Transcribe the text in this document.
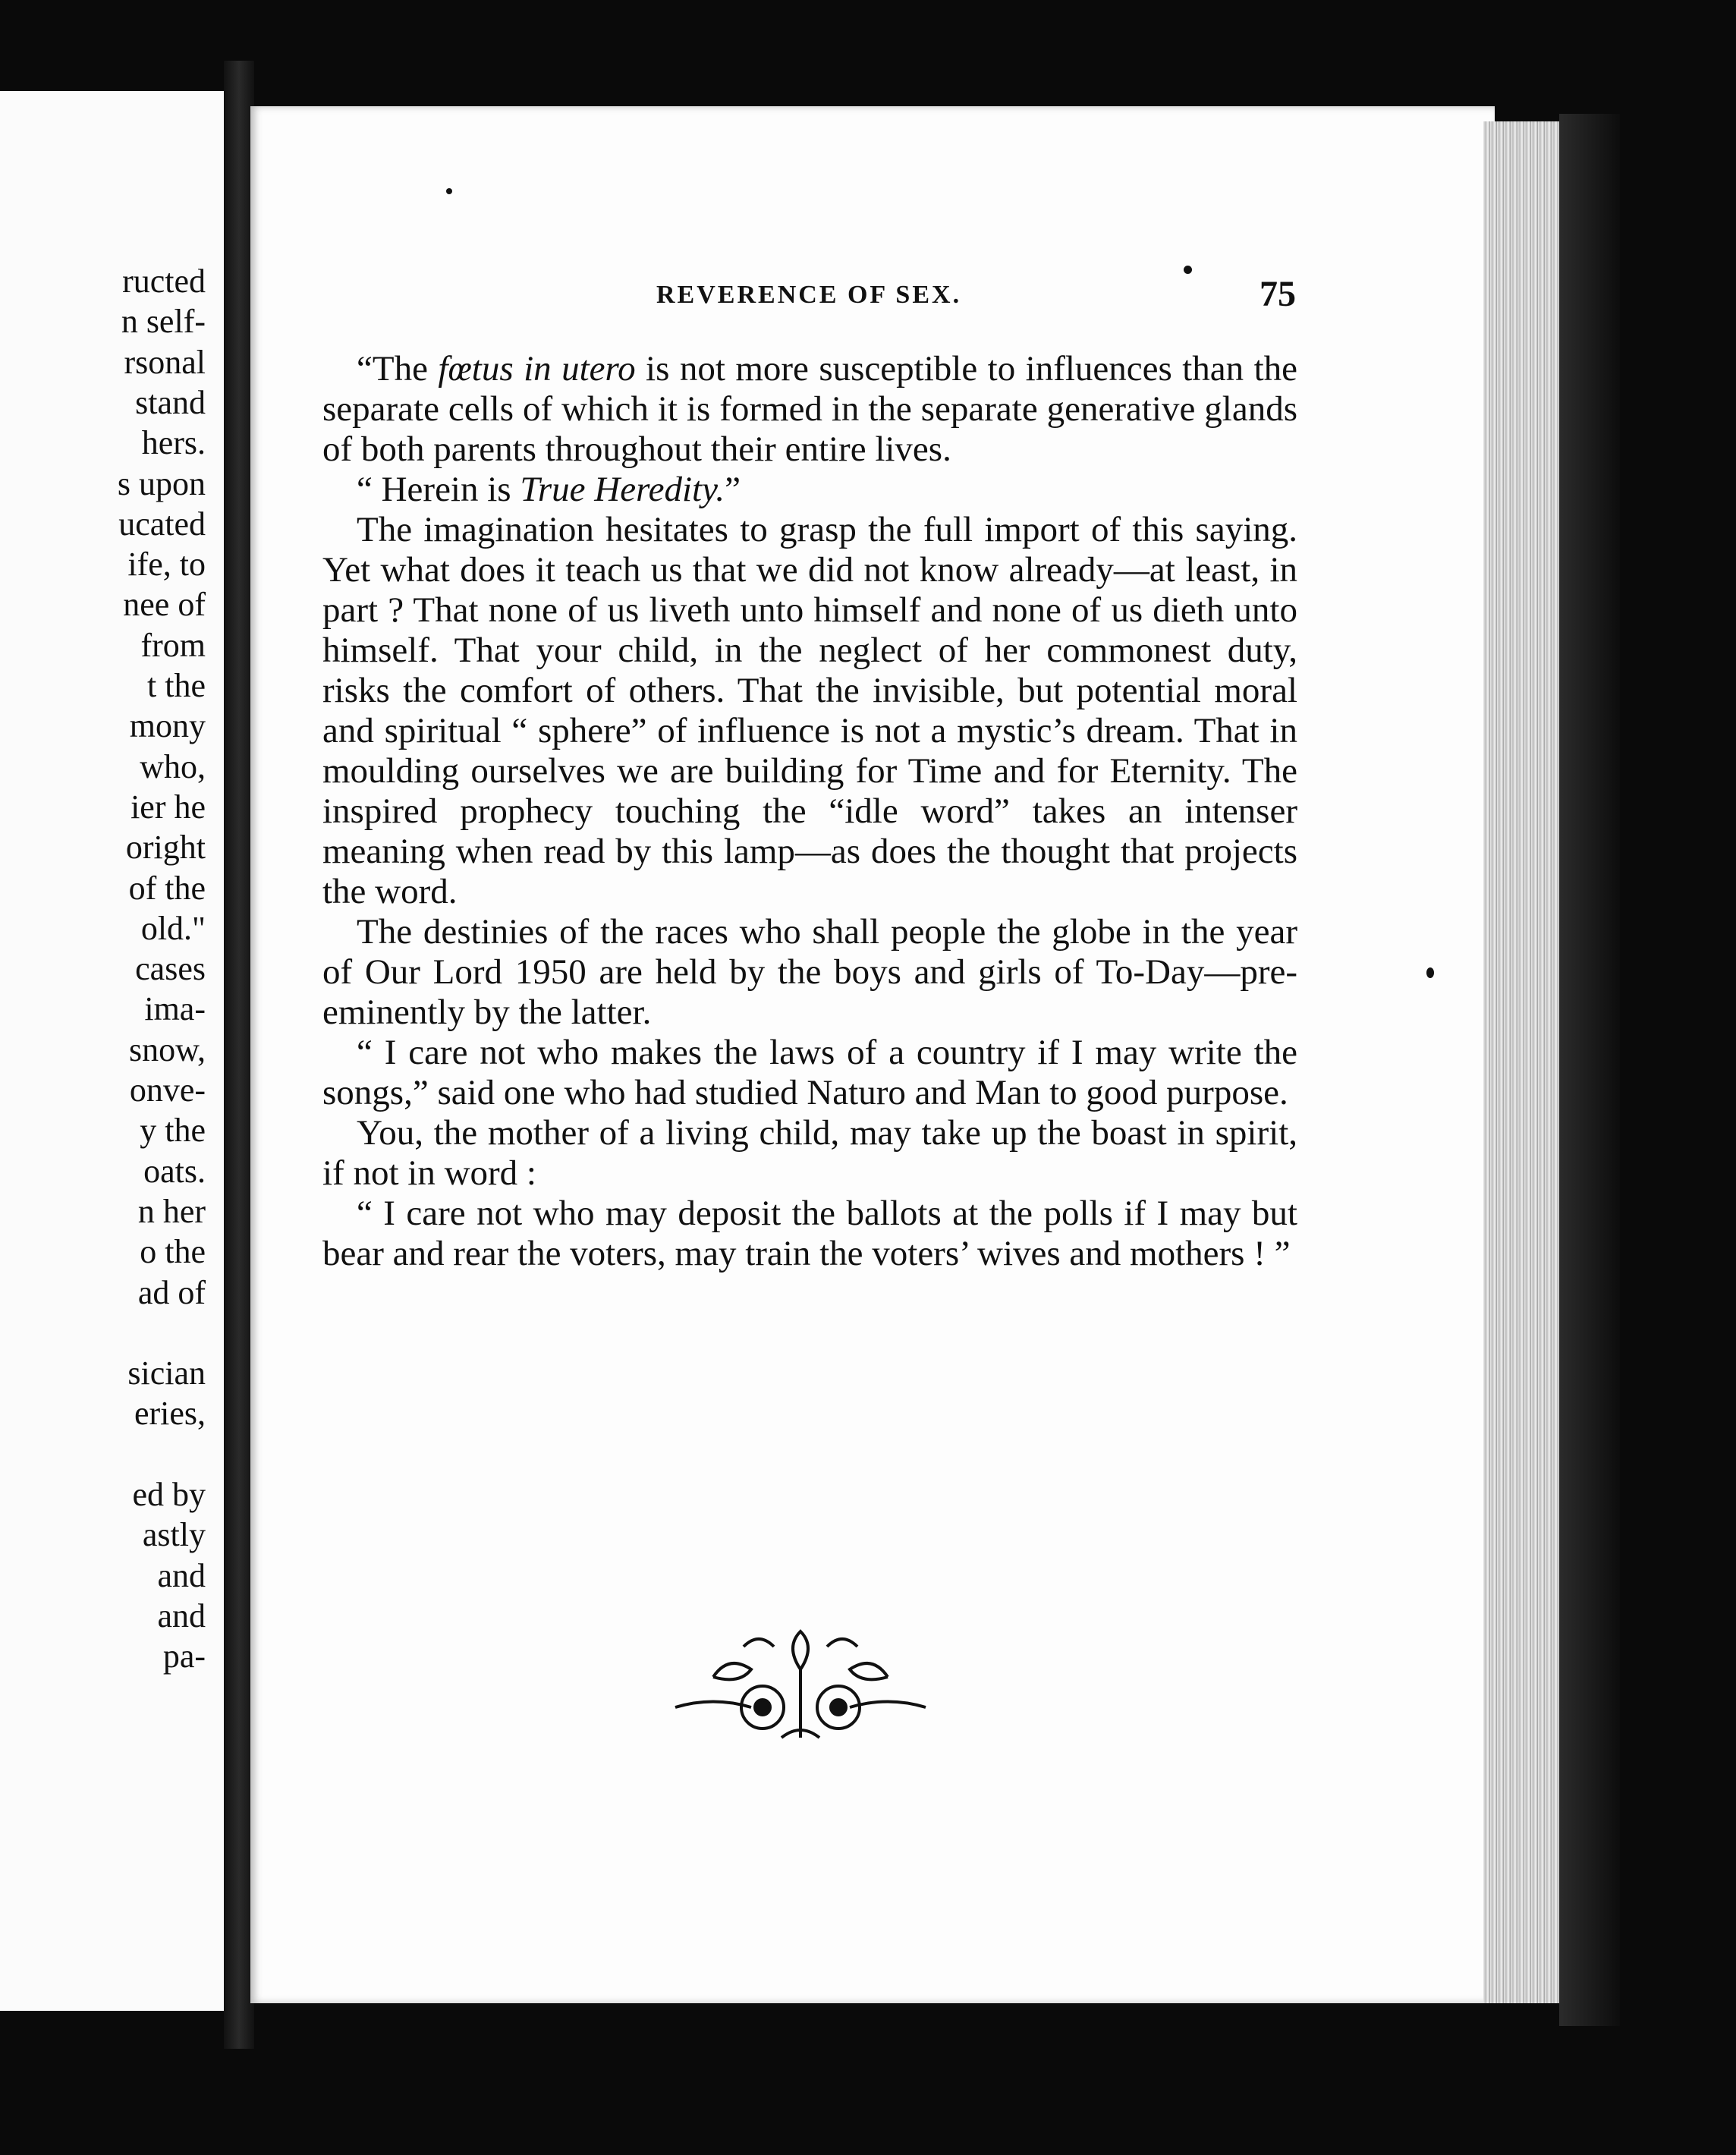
ructed
n self-
rsonal
stand
hers.
s upon
ucated
ife, to
nee of
from
t the
mony
who,
ier he
oright
of the
old."
cases
ima-
snow,
onve-
y the
oats.
n her
o the
ad of
sician
eries,
ed by
astly
and
and
pa-
REVERENCE OF SEX.	75

“The fœtus in utero is not more susceptible to influences than the separate cells of which it is formed in the separate generative glands of both parents throughout their entire lives.

“ Herein is True Heredity.”

The imagination hesitates to grasp the full import of this saying. Yet what does it teach us that we did not know already—at least, in part ? That none of us liveth unto himself and none of us dieth unto himself. That your child, in the neglect of her commonest duty, risks the comfort of others. That the invisible, but potential moral and spiritual “ sphere” of influence is not a mystic’s dream. That in moulding ourselves we are building for Time and for Eternity. The inspired prophecy touching the “idle word” takes an intenser meaning when read by this lamp—as does the thought that projects the word.

The destinies of the races who shall people the globe in the year of Our Lord 1950 are held by the boys and girls of To-Day—pre-eminently by the latter.

“ I care not who makes the laws of a country if I may write the songs,” said one who had studied Naturo and Man to good purpose.

You, the mother of a living child, may take up the boast in spirit, if not in word :

“ I care not who may deposit the ballots at the polls if I may but bear and rear the voters, may train the voters’ wives and mothers ! ”
